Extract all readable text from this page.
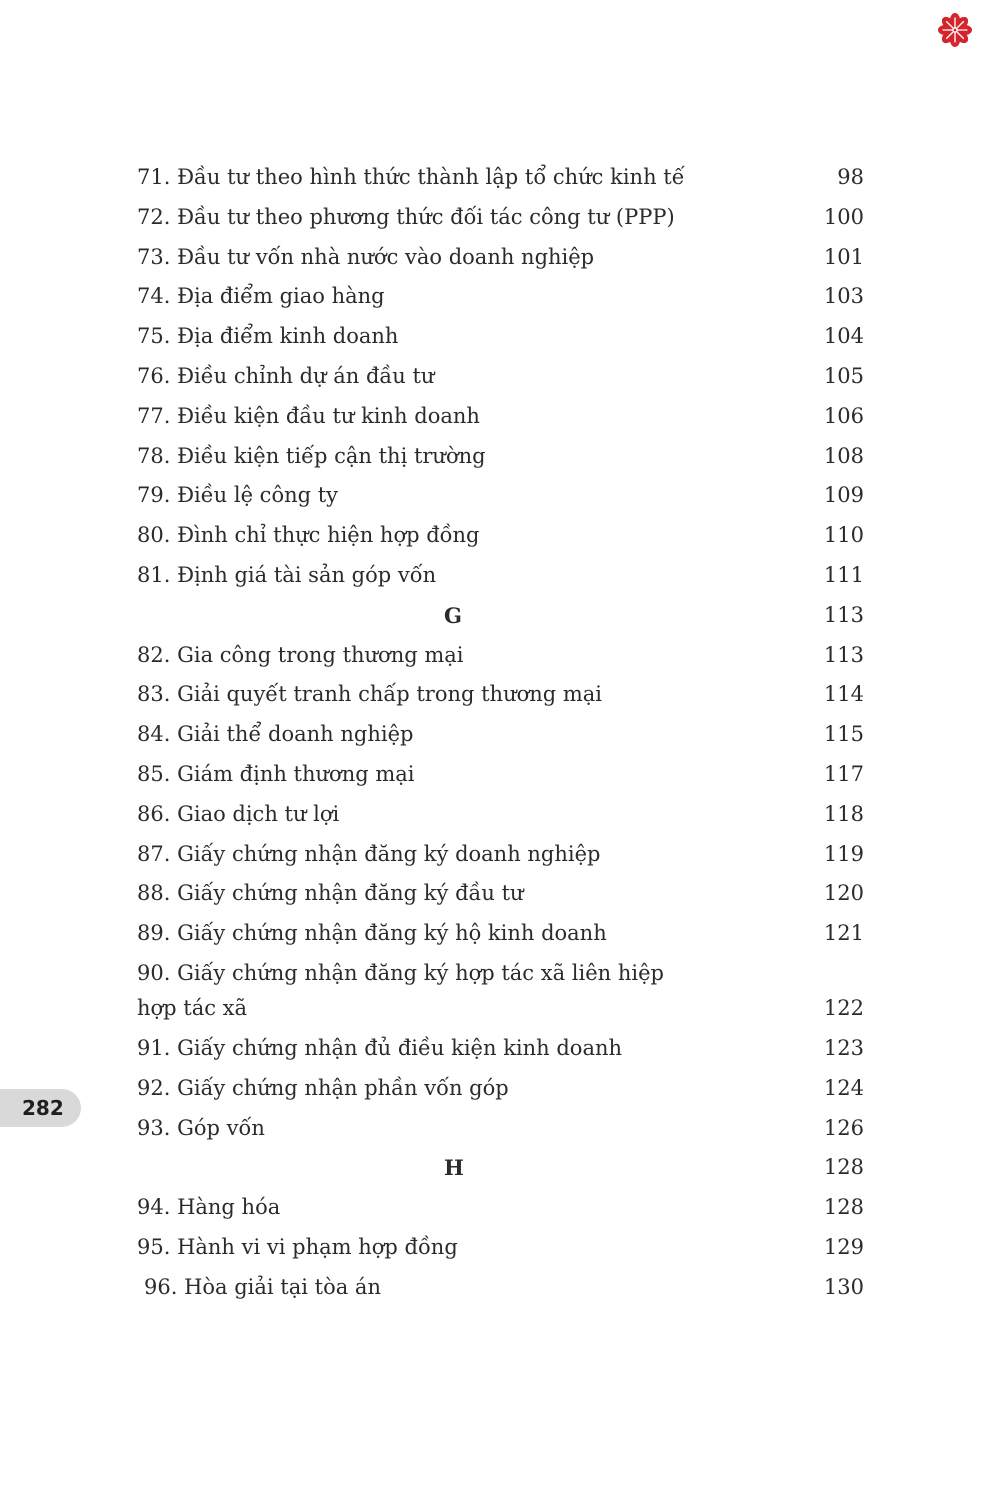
71. Đầu tư theo hình thức thành lập tổ chức kinh tế	98
72. Đầu tư theo phương thức đối tác công tư (PPP)	100
73. Đầu tư vốn nhà nước vào doanh nghiệp	101
74. Địa điểm giao hàng	103
75. Địa điểm kinh doanh	104
76. Điều chỉnh dự án đầu tư	105
77. Điều kiện đầu tư kinh doanh	106
78. Điều kiện tiếp cận thị trường	108
79. Điều lệ công ty	109
80. Đình chỉ thực hiện hợp đồng	110
81. Định giá tài sản góp vốn	111
G	113
82. Gia công trong thương mại	113
83. Giải quyết tranh chấp trong thương mại	114
84. Giải thể doanh nghiệp	115
85. Giám định thương mại	117
86. Giao dịch tư lợi	118
87. Giấy chứng nhận đăng ký doanh nghiệp	119
88. Giấy chứng nhận đăng ký đầu tư	120
89. Giấy chứng nhận đăng ký hộ kinh doanh	121
90. Giấy chứng nhận đăng ký hợp tác xã liên hiệp hợp tác xã	122
91. Giấy chứng nhận đủ điều kiện kinh doanh	123
92. Giấy chứng nhận phần vốn góp	124
93. Góp vốn	126
H	128
94. Hàng hóa	128
95. Hành vi vi phạm hợp đồng	129
96. Hòa giải tại tòa án	130
282
